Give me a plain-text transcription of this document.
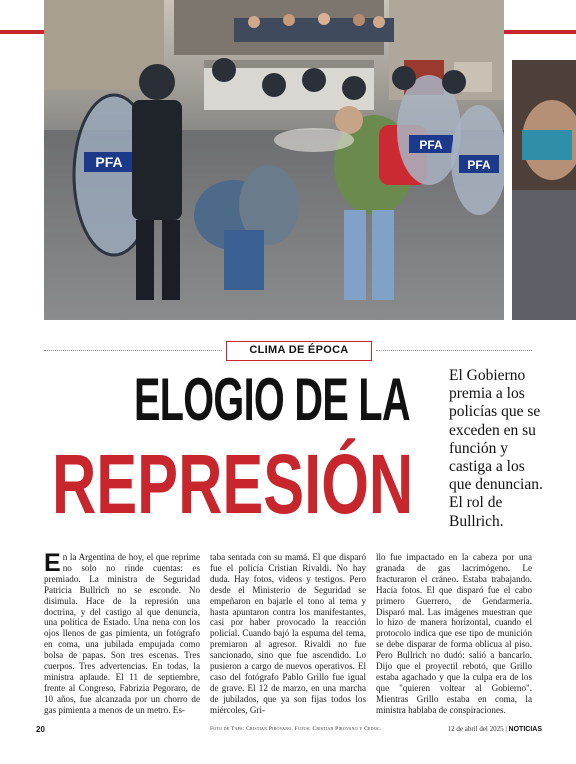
PFA
PFA
PFA
CLIMA DE ÉPOCA
ELOGIO DE LA
REPRESIÓN
El Gobierno premia a los policías que se exceden en su función y castiga a los que denuncian. El rol de Bullrich.
En la Argentina de hoy, el que reprime no solo no rinde cuentas: es premiado. La ministra de Seguridad Patricia Bullrich no se esconde. No disimula. Hace de la represión una doctrina, y del castigo al que denuncia, una política de Estado. Una nena con los ojos llenos de gas pimienta, un fotógrafo en coma, una jubilada empujada como bolsa de papas. Son tres escenas. Tres cuerpos. Tres advertencias. En todas, la ministra aplaude. El 11 de septiembre, frente al Congreso, Fabrizia Pegoraro, de 10 años, fue alcanzada por un chorro de gas pimienta a menos de un metro. Es-
taba sentada con su mamá. El que disparó fue el policía Cristian Rivaldi. No hay duda. Hay fotos, videos y testigos. Pero desde el Ministerio de Seguridad se empeñaron en bajarle el tono al tema y hasta apuntaron contra los manifestantes, casi por haber provocado la reacción policial. Cuando bajó la espuma del tema, premiaron al agresor. Rivaldi no fue sancionado, sino que fue ascendido. Lo pusieron a cargo de nuevos operativos. El caso del fotógrafo Pablo Grillo fue igual de grave. El 12 de marzo, en una marcha de jubilados, que ya son fijas todos los miércoles, Gri-
llo fue impactado en la cabeza por una granada de gas lacrimógeno. Le fracturaron el cráneo. Estaba trabajando. Hacía fotos. El que disparó fue el cabo primero Guerrero, de Gendarmería. Disparó mal. Las imágenes muestran que lo hizo de manera horizontal, cuando el protocolo indica que ese tipo de munición se debe disparar de forma oblicua al piso. Pero Bullrich no dudó: salió a bancarlo. Dijo que el proyectil rebotó, que Grillo estaba agachado y que la culpa era de los que "quieren voltear al Gobierno". Mientras Grillo estaba en coma, la ministra hablaba de conspiraciones.
20	Foto de Tapa: Cristian Pirovano. Fotos: Cristian Pirovano y Cedoc.	12 de abril del 2025 | NOTICIAS
